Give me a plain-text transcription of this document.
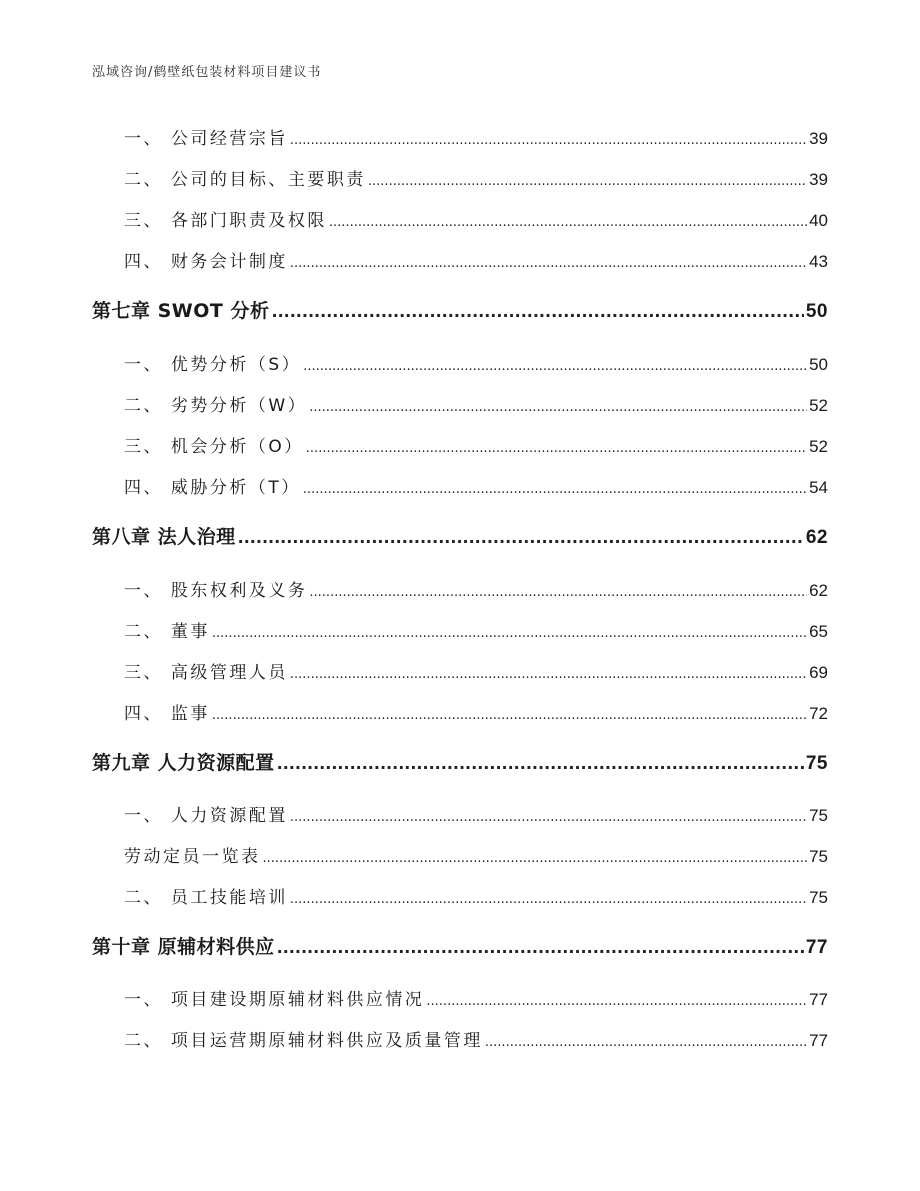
泓域咨询/鹤壁纸包装材料项目建议书
一、 公司经营宗旨 .....	39
二、 公司的目标、主要职责 .....	39
三、 各部门职责及权限 .....	40
四、 财务会计制度 .....	43
第七章 SWOT 分析 .....	50
一、 优势分析（S） .....	50
二、 劣势分析（W） .....	52
三、 机会分析（O） .....	52
四、 威胁分析（T） .....	54
第八章 法人治理 .....	62
一、 股东权利及义务 .....	62
二、 董事 .....	65
三、 高级管理人员 .....	69
四、 监事 .....	72
第九章 人力资源配置 .....	75
一、 人力资源配置 .....	75
劳动定员一览表 .....	75
二、 员工技能培训 .....	75
第十章 原辅材料供应 .....	77
一、 项目建设期原辅材料供应情况 .....	77
二、 项目运营期原辅材料供应及质量管理 .....	77
